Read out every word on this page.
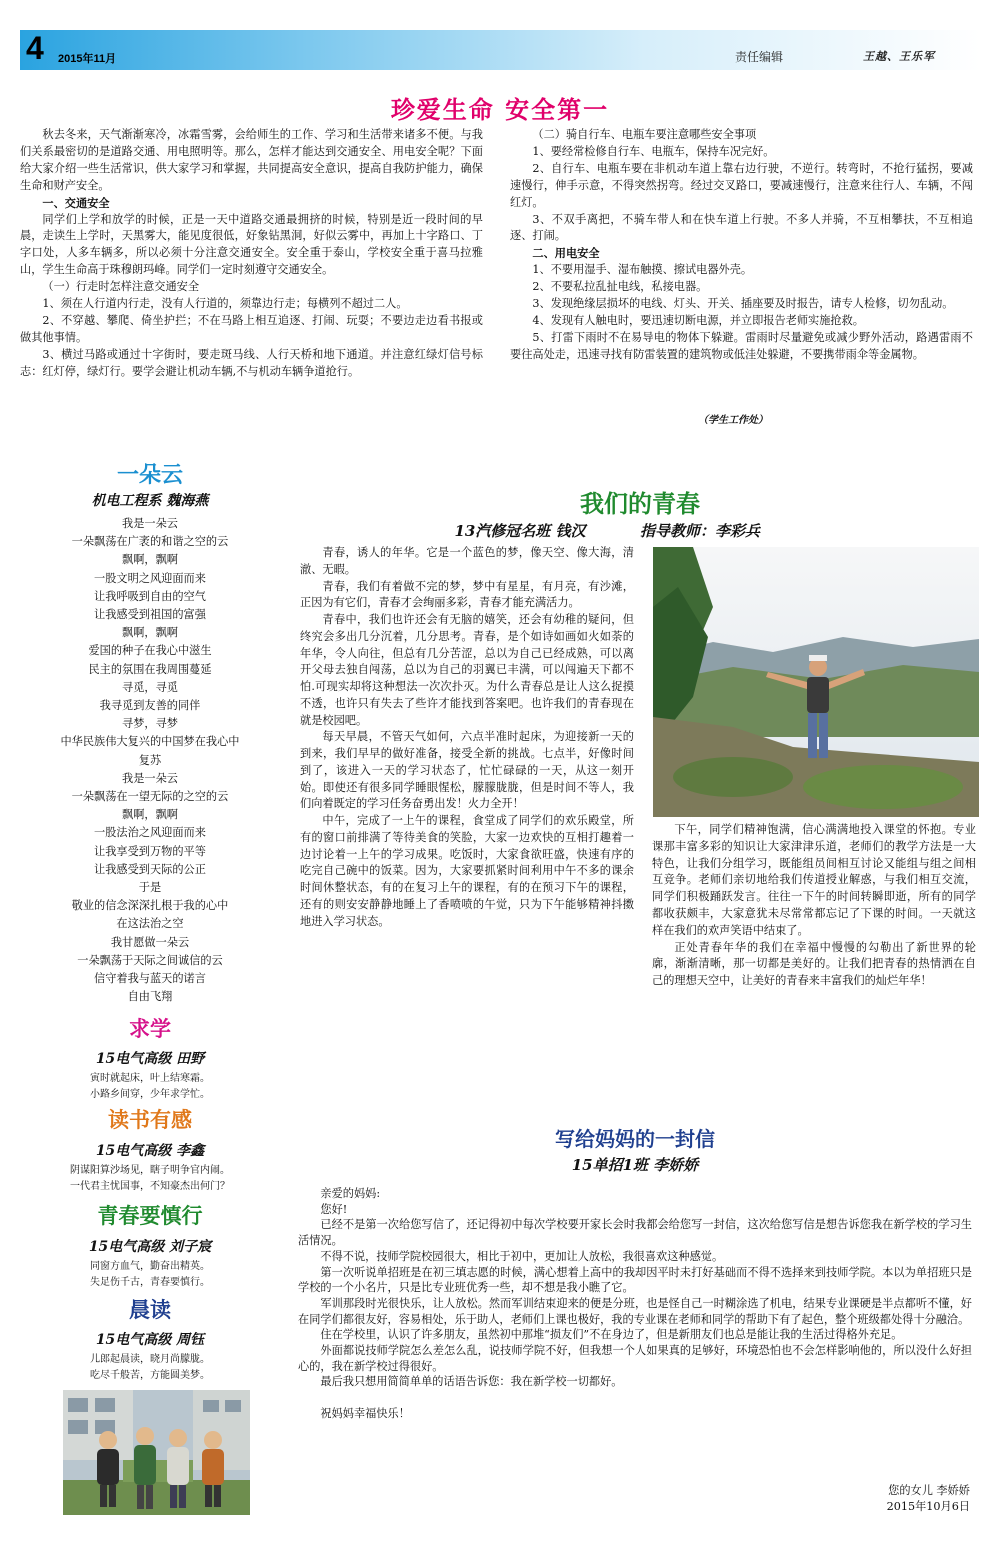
4 2015年11月	责任编辑	王越、王乐军
珍爱生命 安全第一

秋去冬来，天气渐渐寒冷，冰霜雪雾，会给师生的工作、学习和生活带来诸多不便。与我们关系最密切的是道路交通、用电照明等。那么，怎样才能达到交通安全、用电安全呢？下面给大家介绍一些生活常识，供大家学习和掌握，共同提高安全意识，提高自我防护能力，确保生命和财产安全。

一、交通安全

同学们上学和放学的时候，正是一天中道路交通最拥挤的时候，特别是近一段时间的早晨，走读生上学时，天黑雾大，能见度很低，好象钻黑洞，好似云雾中，再加上十字路口、丁字口处，人多车辆多，所以必须十分注意交通安全。安全重于泰山，学校安全重于喜马拉雅山，学生生命高于珠穆朗玛峰。同学们一定时刻遵守交通安全。

（一）行走时怎样注意交通安全

1、须在人行道内行走，没有人行道的，须靠边行走；每横列不超过二人。

2、不穿越、攀爬、倚坐护拦；不在马路上相互追逐、打闹、玩耍；不要边走边看书报或做其他事情。

3、横过马路或通过十字街时，要走斑马线、人行天桥和地下通道。并注意红绿灯信号标志：红灯停，绿灯行。要学会避让机动车辆,不与机动车辆争道抢行。

（二）骑自行车、电瓶车要注意哪些安全事项

1、要经常检修自行车、电瓶车，保持车况完好。

2、自行车、电瓶车要在非机动车道上靠右边行驶，不逆行。转弯时，不抢行猛拐，要减速慢行，伸手示意，不得突然拐弯。经过交叉路口，要减速慢行，注意来往行人、车辆，不闯红灯。

3、不双手离把，不骑车带人和在快车道上行驶。不多人并骑，不互相攀扶，不互相追逐、打闹。

二、用电安全

1、不要用湿手、湿布触摸、擦试电器外壳。

2、不要私拉乱扯电线，私接电器。

3、发现绝缘层损坏的电线、灯头、开关、插座要及时报告，请专人检修，切勿乱动。

4、发现有人触电时，要迅速切断电源，并立即报告老师实施抢救。

5、打雷下雨时不在易导电的物体下躲避。雷雨时尽量避免或减少野外活动，路遇雷雨不要往高处走，迅速寻找有防雷装置的建筑物或低洼处躲避，不要携带雨伞等金属物。

（学生工作处）
一朵云
机电工程系 魏海燕

我是一朵云

一朵飘荡在广袤的和谐之空的云

飘啊，飘啊

一股文明之风迎面而来

让我呼吸到自由的空气

让我感受到祖国的富强

飘啊，飘啊

爱国的种子在我心中滋生

民主的氛围在我周围蔓延

寻觅，寻觅

我寻觅到友善的同伴

寻梦，寻梦

中华民族伟大复兴的中国梦在我心中

复苏

我是一朵云

一朵飘荡在一望无际的之空的云

飘啊，飘啊

一股法治之风迎面而来

让我享受到万物的平等

让我感受到天际的公正

于是

敬业的信念深深扎根于我的心中

在这法治之空

我甘愿做一朵云

一朵飘荡于天际之间诚信的云

信守着我与蓝天的诺言

自由飞翔

求学
15电气高级 田野

寅时就起床，叶上结寒霜。

小路乡间穿，少年求学忙。

读书有感
15电气高级 李鑫

阴谋阳算沙场见，瞎子明争官内闹。

一代君主忧国事，不知豪杰出何门？

青春要慎行
15电气高级 刘子宸

同窗方血气，勤奋出精英。

失足伤千古，青春要慎行。

晨读
15电气高级 周钰

儿郎起晨读，晓月尚朦胧。

吃尽千般苦，方能圆美梦。

我们的青春
13汽修冠名班 钱汉	指导教师：李彩兵

青春，诱人的年华。它是一个蓝色的梦，像天空、像大海，清澈、无暇。

青春，我们有着做不完的梦，梦中有星星，有月亮，有沙滩，正因为有它们，青春才会绚丽多彩，青春才能充满活力。

青春中，我们也许还会有无脑的嬉笑，还会有幼稚的疑问，但终究会多出几分沉着，几分思考。青春，是个如诗如画如火如荼的年华，令人向往，但总有几分苦涩，总以为自己已经成熟，可以离开父母去独自闯荡，总以为自己的羽翼已丰满，可以闯遍天下都不怕.可现实却将这种想法一次次扑灭。为什么青春总是让人这么捉摸不透，也许只有失去了些许才能找到答案吧。也许我们的青春现在就是校园吧。

每天早晨，不管天气如何，六点半准时起床，为迎接新一天的到来，我们早早的做好准备，接受全新的挑战。七点半，好像时间到了，该进入一天的学习状态了，忙忙碌碌的一天，从这一刻开始。即使还有很多同学睡眼惺松，朦朦胧胧，但是时间不等人，我们向着既定的学习任务奋勇出发！火力全开！

中午，完成了一上午的课程，食堂成了同学们的欢乐殿堂，所有的窗口前排满了等待美食的笑脸，大家一边欢快的互相打趣着一边讨论着一上午的学习成果。吃饭时，大家食欲旺盛，快速有序的吃完自己碗中的饭菜。因为，大家要抓紧时间利用中午不多的课余时间休整状态，有的在复习上午的课程，有的在预习下午的课程，还有的则安安静静地睡上了香喷喷的午觉，只为下午能够精神抖擞地进入学习状态。

下午，同学们精神饱满，信心满满地投入课堂的怀抱。专业课那丰富多彩的知识让大家津津乐道，老师们的教学方法是一大特色，让我们分组学习，既能组员间相互讨论又能组与组之间相互竞争。老师们亲切地给我们传道授业解惑，与我们相互交流，同学们积极踊跃发言。往往一下午的时间转瞬即逝，所有的同学都收获颇丰，大家意犹未尽常常都忘记了下课的时间。一天就这样在我们的欢声笑语中结束了。

正处青春年华的我们在幸福中慢慢的勾勒出了新世界的轮廓，渐渐清晰，那一切都是美好的。让我们把青春的热情洒在自己的理想天空中，让美好的青春来丰富我们的灿烂年华！

写给妈妈的一封信
15单招1班 李娇娇

亲爱的妈妈:

您好!

已经不是第一次给您写信了，还记得初中每次学校要开家长会时我都会给您写一封信，这次给您写信是想告诉您我在新学校的学习生活情况。

不得不说，技师学院校园很大，相比于初中，更加让人放松，我很喜欢这种感觉。

第一次听说单招班是在初三填志愿的时候，满心想着上高中的我却因平时未打好基础而不得不选择来到技师学院。本以为单招班只是学校的一个小名片，只是比专业班优秀一些，却不想是我小瞧了它。

军训那段时光很快乐，让人放松。然而军训结束迎来的便是分班，也是怪自己一时糊涂选了机电，结果专业课硬是半点都听不懂，好在同学们都很友好，容易相处，乐于助人，老师们上课也极好，我的专业课在老师和同学的帮助下有了起色，整个班级都处得十分融洽。

住在学校里，认识了许多朋友，虽然初中那堆“损友们”不在身边了，但是新朋友们也总是能让我的生活过得格外充足。

外面都说技师学院怎么差怎么乱，说技师学院不好，但我想一个人如果真的足够好，环境恐怕也不会怎样影响他的，所以没什么好担心的，我在新学校过得很好。

最后我只想用简简单单的话语告诉您：我在新学校一切都好。

祝妈妈幸福快乐！

您的女儿 李娇娇
2015年10月6日
